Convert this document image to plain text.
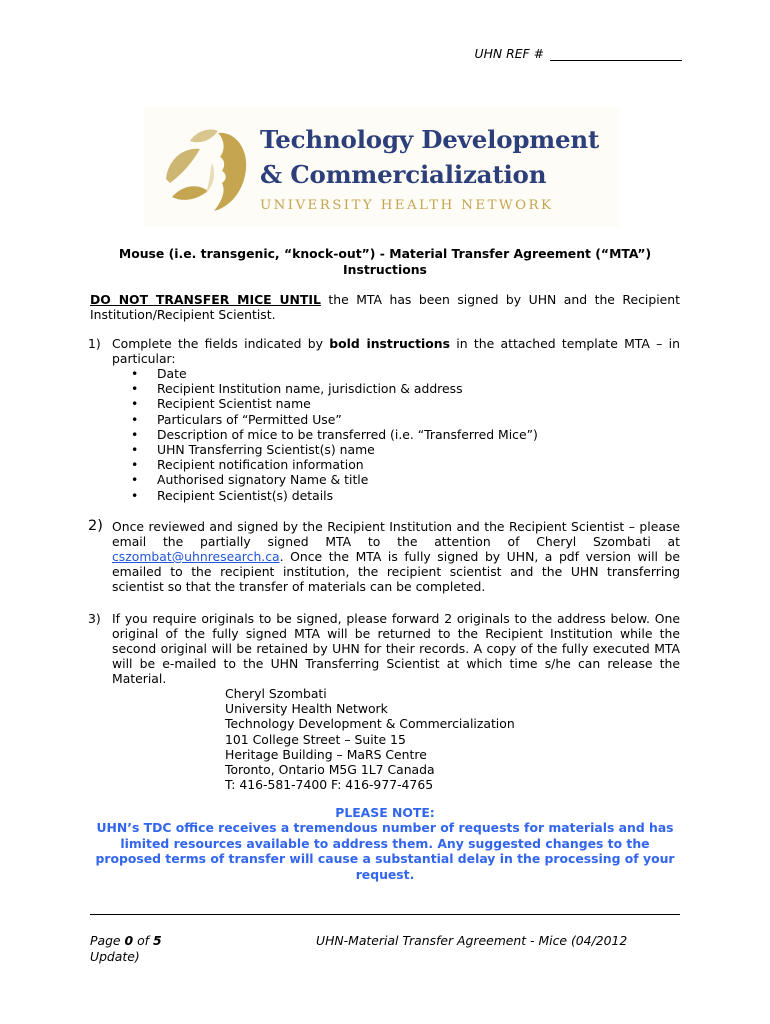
UHN REF #
Technology Development
& Commercialization
UNIVERSITY HEALTH NETWORK
Mouse (i.e. transgenic, “knock-out”) - Material Transfer Agreement (“MTA”)
Instructions
DO NOT TRANSFER MICE UNTIL the MTA has been signed by UHN and the Recipient Institution/Recipient Scientist.
1) Complete the fields indicated by bold instructions in the attached template MTA – in particular:
• Date
• Recipient Institution name, jurisdiction & address
• Recipient Scientist name
• Particulars of “Permitted Use”
• Description of mice to be transferred (i.e. “Transferred Mice”)
• UHN Transferring Scientist(s) name
• Recipient notification information
• Authorised signatory Name & title
• Recipient Scientist(s) details
2) Once reviewed and signed by the Recipient Institution and the Recipient Scientist – please email the partially signed MTA to the attention of Cheryl Szombati at cszombat@uhnresearch.ca. Once the MTA is fully signed by UHN, a pdf version will be emailed to the recipient institution, the recipient scientist and the UHN transferring scientist so that the transfer of materials can be completed.
3) If you require originals to be signed, please forward 2 originals to the address below. One original of the fully signed MTA will be returned to the Recipient Institution while the second original will be retained by UHN for their records. A copy of the fully executed MTA will be e-mailed to the UHN Transferring Scientist at which time s/he can release the Material.
Cheryl Szombati
University Health Network
Technology Development & Commercialization
101 College Street – Suite 15
Heritage Building – MaRS Centre
Toronto, Ontario M5G 1L7 Canada
T: 416-581-7400 F: 416-977-4765
PLEASE NOTE:
UHN’s TDC office receives a tremendous number of requests for materials and has limited resources available to address them. Any suggested changes to the proposed terms of transfer will cause a substantial delay in the processing of your request.
Page 0 of 5
Update)
UHN-Material Transfer Agreement - Mice (04/2012
